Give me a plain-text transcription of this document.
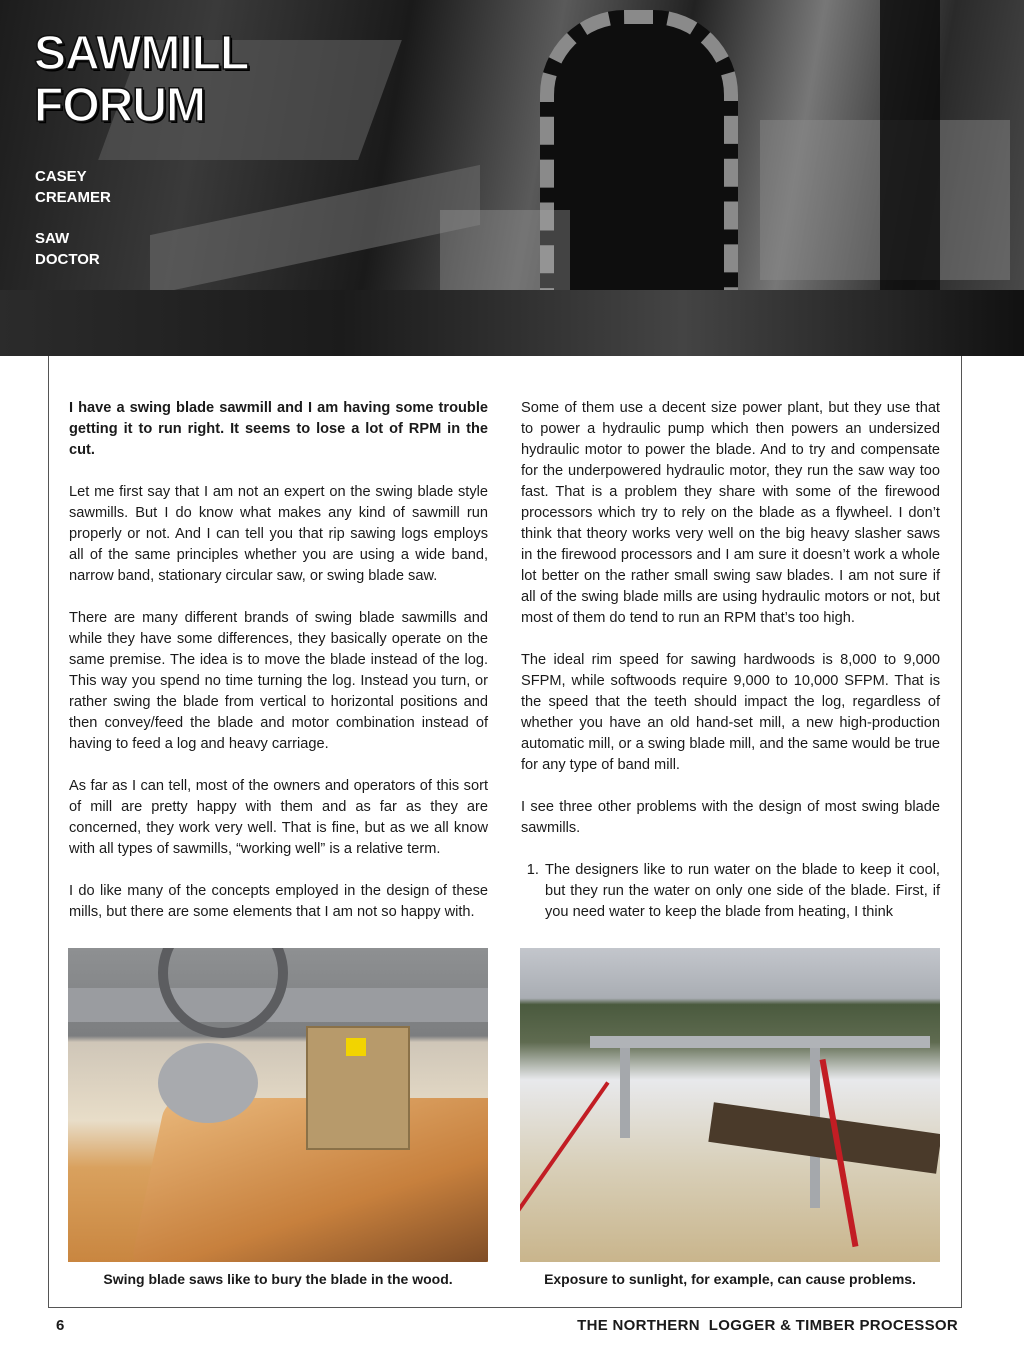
SAWMILL
FORUM
CASEY
CREAMER
SAW
DOCTOR

I have a swing blade sawmill and I am having some trouble getting it to run right. It seems to lose a lot of RPM in the cut.

Let me first say that I am not an expert on the swing blade style sawmills. But I do know what makes any kind of sawmill run properly or not. And I can tell you that rip sawing logs employs all of the same principles whether you are using a wide band, narrow band, stationary circular saw, or swing blade saw.

There are many different brands of swing blade sawmills and while they have some differences, they basically operate on the same premise. The idea is to move the blade instead of the log. This way you spend no time turning the log. Instead you turn, or rather swing the blade from vertical to horizontal positions and then convey/feed the blade and motor combination instead of having to feed a log and heavy carriage.

As far as I can tell, most of the owners and operators of this sort of mill are pretty happy with them and as far as they are concerned, they work very well. That is fine, but as we all know with all types of sawmills, “working well” is a relative term.

I do like many of the concepts employed in the design of these mills, but there are some elements that I am not so happy with.

Some of them use a decent size power plant, but they use that to power a hydraulic pump which then powers an undersized hydraulic motor to power the blade. And to try and compensate for the underpowered hydraulic motor, they run the saw way too fast. That is a problem they share with some of the firewood processors which try to rely on the blade as a flywheel. I don’t think that theory works very well on the big heavy slasher saws in the firewood processors and I am sure it doesn’t work a whole lot better on the rather small swing saw blades. I am not sure if all of the swing blade mills are using hydraulic motors or not, but most of them do tend to run an RPM that’s too high.

The ideal rim speed for sawing hardwoods is 8,000 to 9,000 SFPM, while softwoods require 9,000 to 10,000 SFPM. That is the speed that the teeth should impact the log, regardless of whether you have an old hand-set mill, a new high-production automatic mill, or a swing blade mill, and the same would be true for any type of band mill.

I see three other problems with the design of most swing blade sawmills.

1. The designers like to run water on the blade to keep it cool, but they run the water on only one side of the blade. First, if you need water to keep the blade from heating, I think

Swing blade saws like to bury the blade in the wood.	Exposure to sunlight, for example, can cause problems.

6	THE NORTHERN  LOGGER & TIMBER PROCESSOR
